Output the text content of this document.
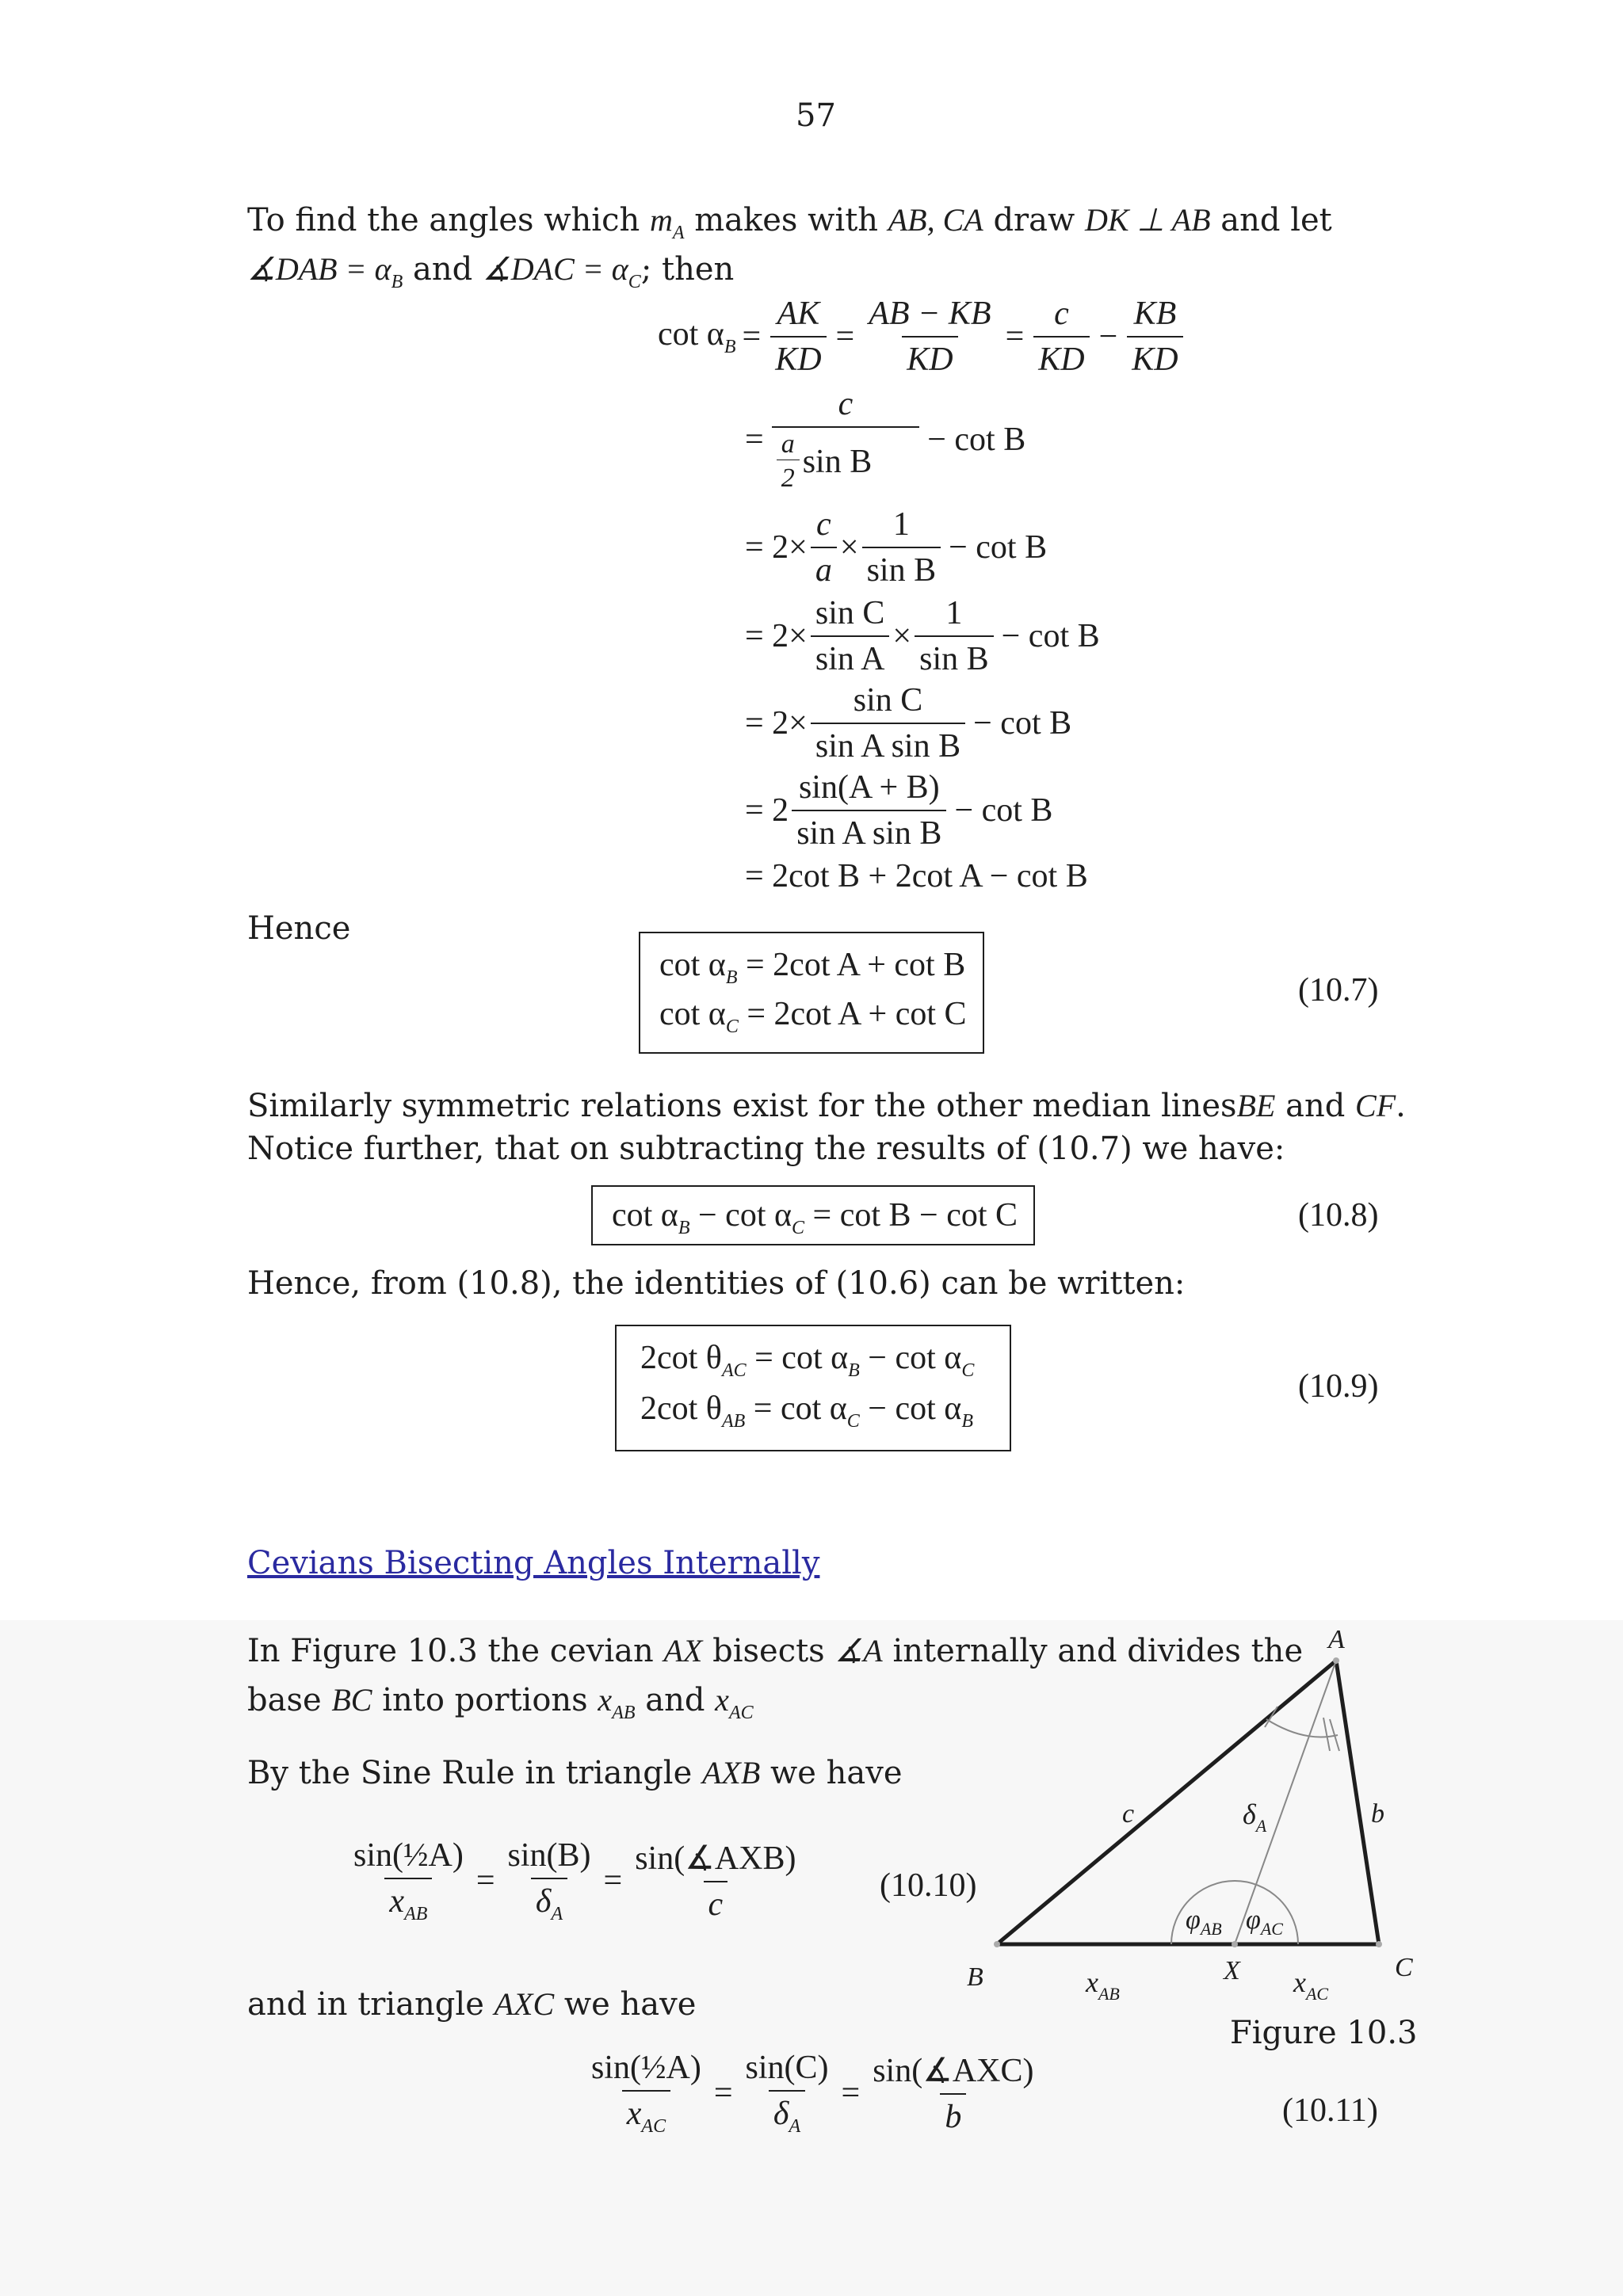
57
To find the angles which $m_A$ makes with AB, CA draw DK ⊥ AB and let
∡DAB = $\alpha_B$ and ∡DAC = $\alpha_C$; then
$\cot \alpha_B = \frac{AK}{KD} = \frac{AB - KB}{KD} = \frac{c}{KD} - \frac{KB}{KD}$
= $\frac{c}{\frac{a}{2} \sin B} - \cot B$
= $2\times \frac{c}{a} \times \frac{1}{\text{sin B}} - \cot B$
= $2\times \frac{\text{sin C}}{\text{sin A}} \times \frac{1}{\text{sin B}} - \cot B$
= $2\times \frac{\text{sin C}}{\text{sin A sin B}} - \cot B$
= $2 \frac{\sin(A + B)}{\text{sin A sin B}} - \cot B$
= 2cot B + 2cot A − cot B
Hence
$\cot \alpha_B = 2\cot$ A + cot B
$\cot \alpha_C = 2\cot$ A + cot C
(10.7)
Similarly symmetric relations exist for the other median linesBE and CF.
Notice further, that on subtracting the results of (10.7) we have:
$\cot \alpha_B - \cot \alpha_C = \cot B - \cot C$	(10.8)
Hence, from (10.8), the identities of (10.6) can be written:
2cot $\theta_{AC} = \cot \alpha_B - \cot \alpha_C$
2cot $\theta_{AB} = \cot \alpha_C - \cot \alpha_B$
(10.9)
Cevians Bisecting Angles Internally
In Figure 10.3 the cevian AX bisects ∡A internally and divides the
base BC into portions $x_{AB}$ and $x_{AC}$
By the Sine Rule in triangle AXB we have
$\frac{\text{sin(½A)}}{x_{AB}} = \frac{\sin(B)}{\delta_A} = \frac{\text{sin(∡AXB)}}{c} (10.10)$
and in triangle AXC we have
$\frac{\text{sin(½A)}}{x_{AC}} = \frac{\sin(C)}{\delta_A} = \frac{\text{sin(∡AXC)}}{b}$	(10.11)
A
B	C
X
c	b
$\delta_A$
$\varphi_{AB}$ $\varphi_{AC}$
$x_{AB}$	$x_{AC}$
Figure 10.3
